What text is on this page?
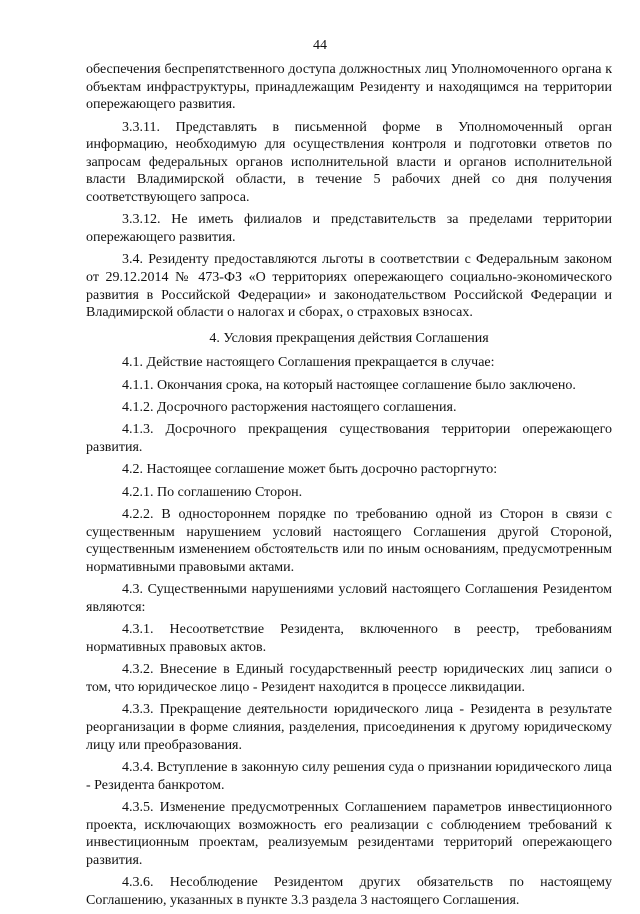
44

обеспечения беспрепятственного доступа должностных лиц Уполномоченного органа к объектам инфраструктуры, принадлежащим Резиденту и находящимся на территории опережающего развития.

3.3.11. Представлять в письменной форме в Уполномоченный орган информацию, необходимую для осуществления контроля и подготовки ответов по запросам федеральных органов исполнительной власти и органов исполнительной власти Владимирской области, в течение 5 рабочих дней со дня получения соответствующего запроса.

3.3.12. Не иметь филиалов и представительств за пределами территории опережающего развития.

3.4. Резиденту предоставляются льготы в соответствии с Федеральным законом от 29.12.2014 № 473-ФЗ «О территориях опережающего социально-экономического развития в Российской Федерации» и законодательством Российской Федерации и Владимирской области о налогах и сборах, о страховых взносах.

4. Условия прекращения действия Соглашения

4.1. Действие настоящего Соглашения прекращается в случае:

4.1.1. Окончания срока, на который настоящее соглашение было заключено.

4.1.2. Досрочного расторжения настоящего соглашения.

4.1.3. Досрочного прекращения существования территории опережающего развития.

4.2. Настоящее соглашение может быть досрочно расторгнуто:

4.2.1. По соглашению Сторон.

4.2.2. В одностороннем порядке по требованию одной из Сторон в связи с существенным нарушением условий настоящего Соглашения другой Стороной, существенным изменением обстоятельств или по иным основаниям, предусмотренным нормативными правовыми актами.

4.3. Существенными нарушениями условий настоящего Соглашения Резидентом являются:

4.3.1. Несоответствие Резидента, включенного в реестр, требованиям нормативных правовых актов.

4.3.2. Внесение в Единый государственный реестр юридических лиц записи о том, что юридическое лицо - Резидент находится в процессе ликвидации.

4.3.3. Прекращение деятельности юридического лица - Резидента в результате реорганизации в форме слияния, разделения, присоединения к другому юридическому лицу или преобразования.

4.3.4. Вступление в законную силу решения суда о признании юридического лица - Резидента банкротом.

4.3.5. Изменение предусмотренных Соглашением параметров инвестиционного проекта, исключающих возможность его реализации с соблюдением требований к инвестиционным проектам, реализуемым резидентами территорий опережающего развития.

4.3.6. Несоблюдение Резидентом других обязательств по настоящему Соглашению, указанных в пункте 3.3 раздела 3 настоящего Соглашения.
